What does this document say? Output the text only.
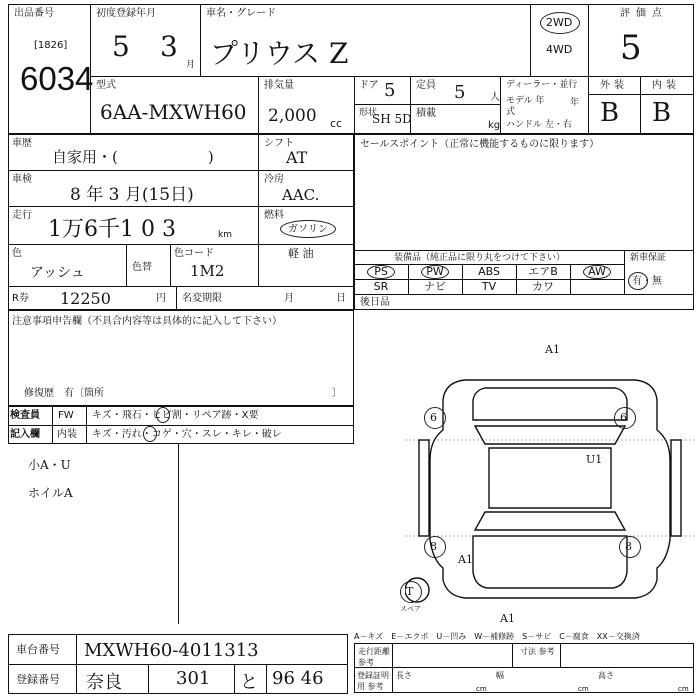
出品番号
[1826]
6034
初度登録年月
5 3
月
車名・グレード
プリウス Z
2WD
4WD
評価点
5
型式
6AA-MXWH60
排気量
2,000 cc
ドア 5 定員 5 人
形状
SH 5D 積載
kg
ディーラー・並行
モデル 年式
年
ハンドル 左・右
外装 内装
B B
車歴
自家用・(　　　　　　)
シフト
AT
車検
8 年 3 月(15日)
冷房
AAC.
走行
1万6千1 0 3	km
燃料
ガソリン
軽 油
色
アッシュ	色替
色コード
1M2
R券 12250	円 名変期限	月	日
セールスポイント（正常に機能するものに限ります）
装備品（純正品に限り丸をつけて下さい）	新車保証
有・無
PS	PW	ABS	エアB	AW
SR	ナビ	TV	カワ
後日品
注意事項申告欄（不具合内容等は具体的に記入して下さい）
修復歴　有〔箇所	〕
検査員
記入欄
FW キズ・飛石・ヒビ割・リペア跡・X要
内装 キズ・汚れ・コゲ・穴・スレ・キレ・破レ
小A・U
ホイルA
A1
6	6
U1
8	8
A1
A1
T
スペア
A－キズ　E－エクボ　U－凹み　W－補修跡　S－サビ　C－腐食　XX－交換済
走行距離 参考
寸法 参考
登録証明用 参考
長さ	幅	高さ
cm	cm	cm
車台番号 MXWH60-4011313
登録番号 奈良	301 と 96 46
